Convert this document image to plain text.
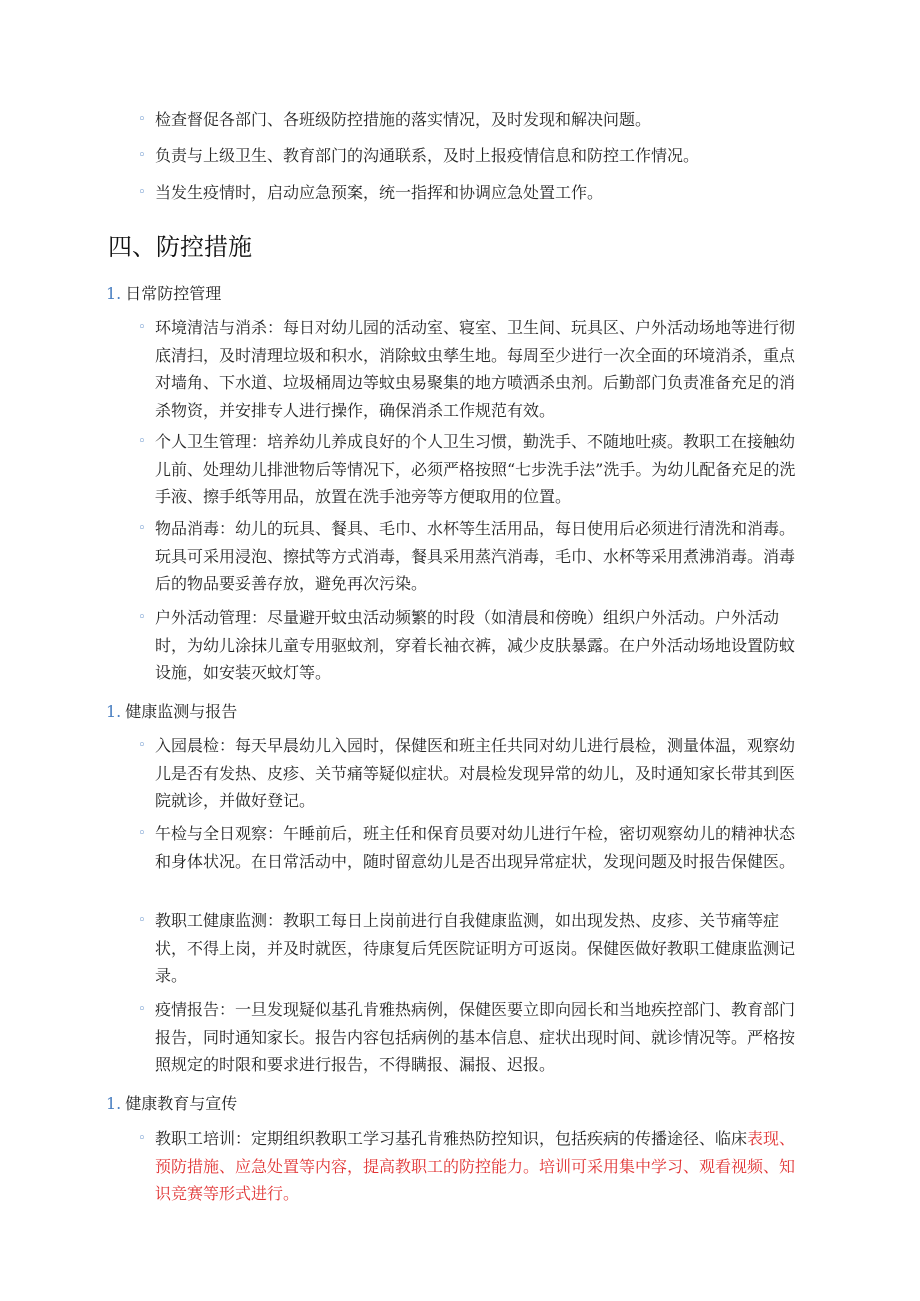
◦ 检查督促各部门、各班级防控措施的落实情况，及时发现和解决问题。
◦ 负责与上级卫生、教育部门的沟通联系，及时上报疫情信息和防控工作情况。
◦ 当发生疫情时，启动应急预案，统一指挥和协调应急处置工作。
四、防控措施
1. 日常防控管理
◦ 环境清洁与消杀：每日对幼儿园的活动室、寝室、卫生间、玩具区、户外活动场地等进行彻底清扫，及时清理垃圾和积水，消除蚊虫孳生地。每周至少进行一次全面的环境消杀，重点对墙角、下水道、垃圾桶周边等蚊虫易聚集的地方喷洒杀虫剂。后勤部门负责准备充足的消杀物资，并安排专人进行操作，确保消杀工作规范有效。
◦ 个人卫生管理：培养幼儿养成良好的个人卫生习惯，勤洗手、不随地吐痰。教职工在接触幼儿前、处理幼儿排泄物后等情况下，必须严格按照“七步洗手法”洗手。为幼儿配备充足的洗手液、擦手纸等用品，放置在洗手池旁等方便取用的位置。
◦ 物品消毒：幼儿的玩具、餐具、毛巾、水杯等生活用品，每日使用后必须进行清洗和消毒。玩具可采用浸泡、擦拭等方式消毒，餐具采用蒸汽消毒，毛巾、水杯等采用煮沸消毒。消毒后的物品要妥善存放，避免再次污染。
◦ 户外活动管理：尽量避开蚊虫活动频繁的时段（如清晨和傍晚）组织户外活动。户外活动时，为幼儿涂抹儿童专用驱蚊剂，穿着长袖衣裤，减少皮肤暴露。在户外活动场地设置防蚊设施，如安装灭蚊灯等。
1. 健康监测与报告
◦ 入园晨检：每天早晨幼儿入园时，保健医和班主任共同对幼儿进行晨检，测量体温，观察幼儿是否有发热、皮疹、关节痛等疑似症状。对晨检发现异常的幼儿，及时通知家长带其到医院就诊，并做好登记。
◦ 午检与全日观察：午睡前后，班主任和保育员要对幼儿进行午检，密切观察幼儿的精神状态和身体状况。在日常活动中，随时留意幼儿是否出现异常症状，发现问题及时报告保健医。
◦ 教职工健康监测：教职工每日上岗前进行自我健康监测，如出现发热、皮疹、关节痛等症状，不得上岗，并及时就医，待康复后凭医院证明方可返岗。保健医做好教职工健康监测记录。
◦ 疫情报告：一旦发现疑似基孔肯雅热病例，保健医要立即向园长和当地疾控部门、教育部门报告，同时通知家长。报告内容包括病例的基本信息、症状出现时间、就诊情况等。严格按照规定的时限和要求进行报告，不得瞒报、漏报、迟报。
1. 健康教育与宣传
◦ 教职工培训：定期组织教职工学习基孔肯雅热防控知识，包括疾病的传播途径、临床表现、预防措施、应急处置等内容，提高教职工的防控能力。培训可采用集中学习、观看视频、知识竞赛等形式进行。
